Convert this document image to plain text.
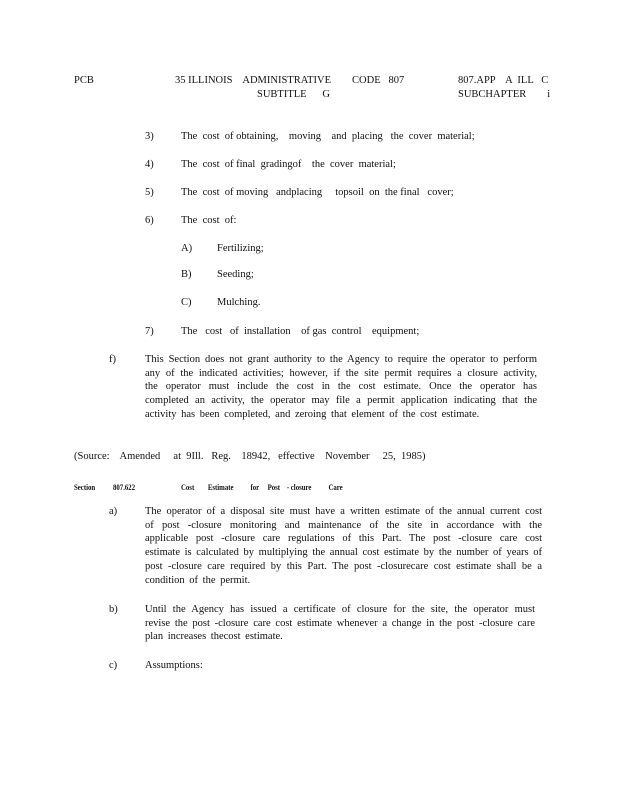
PCB	35 ILLINOIS    ADMINISTRATIVE        CODE   807
SUBTITLE      G
807.APP    A  ILL   C
SUBCHAPTER        i
3)	The  cost  of obtaining,    moving    and  placing   the  cover  material;
4)	The  cost  of final  gradingof    the  cover  material;
5)	The  cost  of moving   andplacing     topsoil  on  the final   cover;
6)	The  cost  of:
A) Fertilizing;
B) Seeding;
C) Mulching.
7)	The   cost   of  installation    of gas  control    equipment;
f)	This Section does not grant authority to the Agency to require the operator to perform any of the indicated activities; however, if the site permit requires a closure activity, the operator must include the cost in the cost estimate. Once the operator has completed an activity, the operator may file a permit application indicating that the activity has been completed, and zeroing that element of the cost estimate.
(Source:    Amended     at  9Ill.   Reg.    18942,   effective    November     25,  1985)
Section 807.622	Cost        Estimate          for     Post    - closure          Care
a)	The operator of a disposal site must have a written estimate of the annual current cost of post -closure monitoring and maintenance of the site in accordance with the applicable post -closure care regulations of this Part. The post -closure care cost estimate is calculated by multiplying the annual cost estimate by the number of years of post -closure care required by this Part. The post -closurecare cost estimate shall be a condition of the permit.
b)	Until the Agency has issued a certificate of closure for the site, the operator must revise the post -closure care cost estimate whenever a change in the post -closure care plan increases thecost estimate.
c)	Assumptions:
